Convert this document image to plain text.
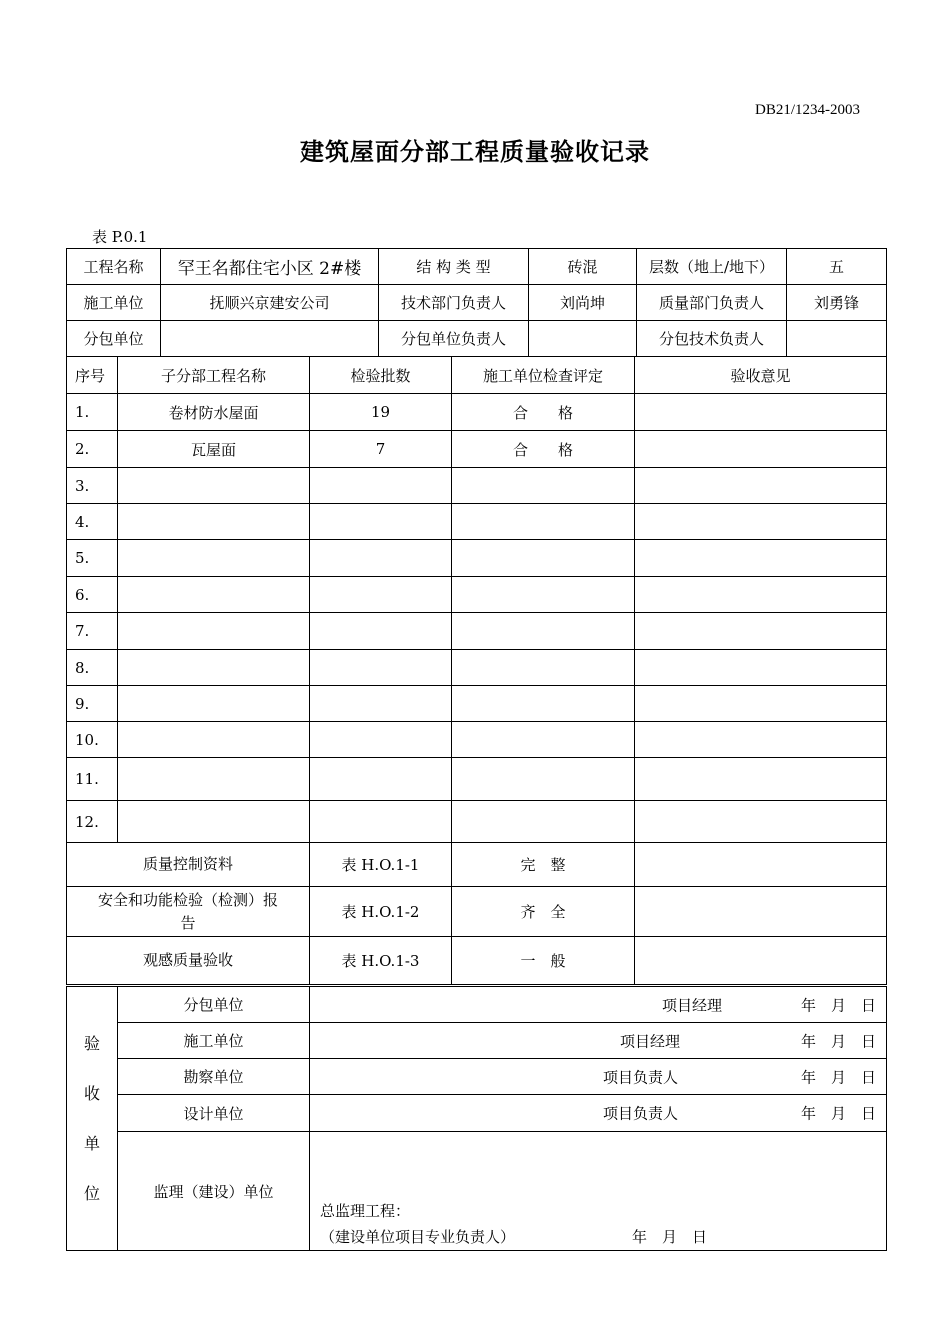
DB21/1234-2003
建筑屋面分部工程质量验收记录
表 P.0.1
工程名称	罕王名都住宅小区 2#楼	结 构 类 型	砖混	层数（地上/地下）	五
施工单位	抚顺兴京建安公司	技术部门负责人	刘尚坤	质量部门负责人	刘勇锋
分包单位		分包单位负责人		分包技术负责人	
序号	子分部工程名称	检验批数	施工单位检查评定	验收意见
1.	卷材防水屋面	19	合　　格	
2.	瓦屋面	7	合　　格	
3.				
4.				
5.				
6.				
7.				
8.				
9.				
10.				
11.				
12.				
质量控制资料		表 H.O.1-1	完　整	
安全和功能检验（检测）报告		表 H.O.1-2	齐　全	
观感质量验收		表 H.O.1-3	一　般	
验收单位	分包单位	项目经理 年　月　日

	施工单位	项目经理 年　月　日

	勘察单位	项目负责人 年　月　日

	设计单位	项目负责人 年　月　日

	监理（建设）单位	总监理工程：
（建设单位项目专业负责人） 年　月　日
